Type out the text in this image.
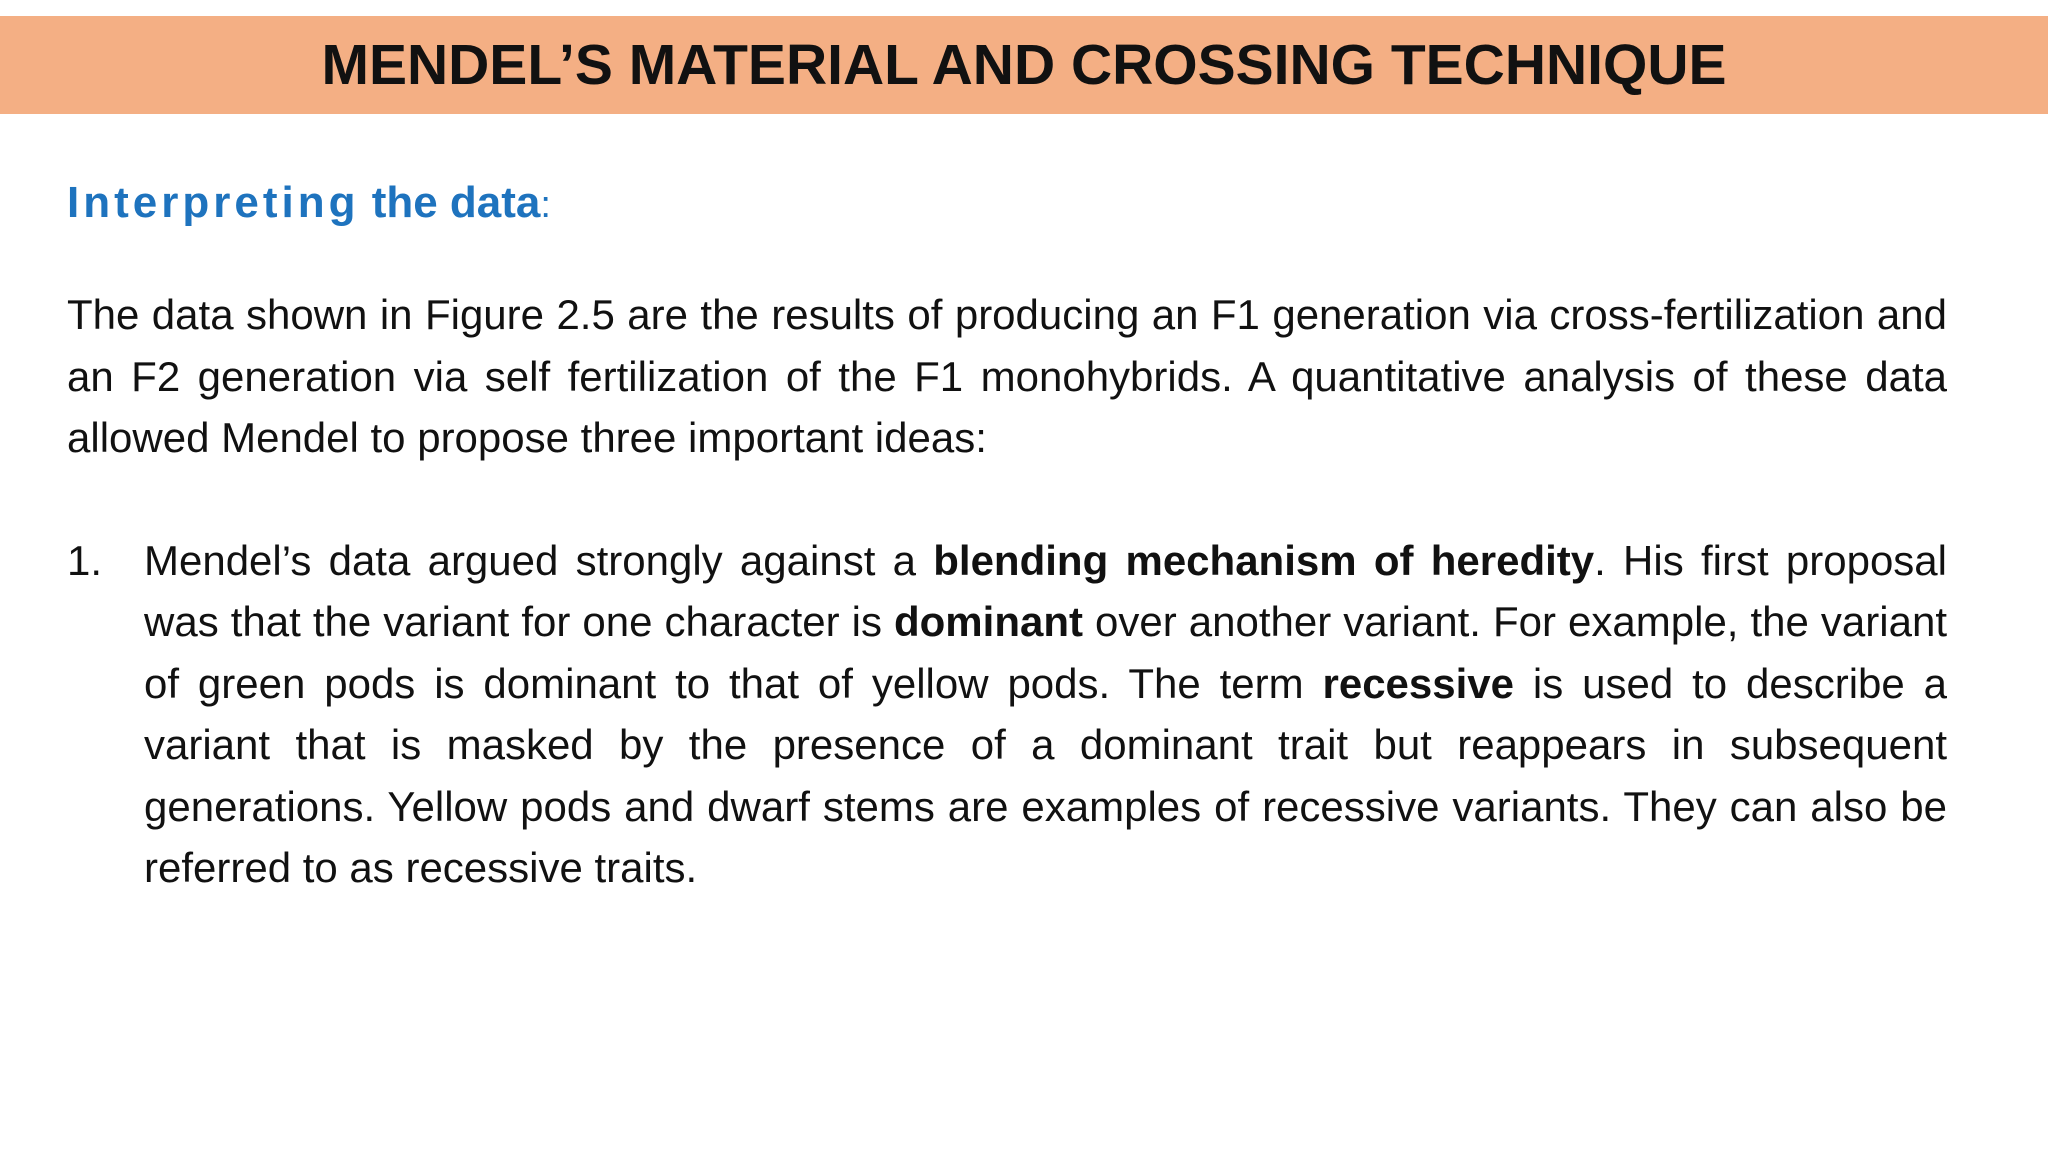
MENDEL’S MATERIAL AND CROSSING TECHNIQUE
Interpreting the data:

The data shown in Figure 2.5 are the results of producing an F1 generation via cross-fertilization and an F2 generation via self fertilization of the F1 monohybrids. A quantitative analysis of these data allowed Mendel to propose three important ideas:

1. Mendel’s data argued strongly against a blending mechanism of heredity. His first proposal was that the variant for one character is dominant over another variant. For example, the variant of green pods is dominant to that of yellow pods. The term recessive is used to describe a variant that is masked by the presence of a dominant trait but reappears in subsequent generations. Yellow pods and dwarf stems are examples of recessive variants. They can also be referred to as recessive traits.
